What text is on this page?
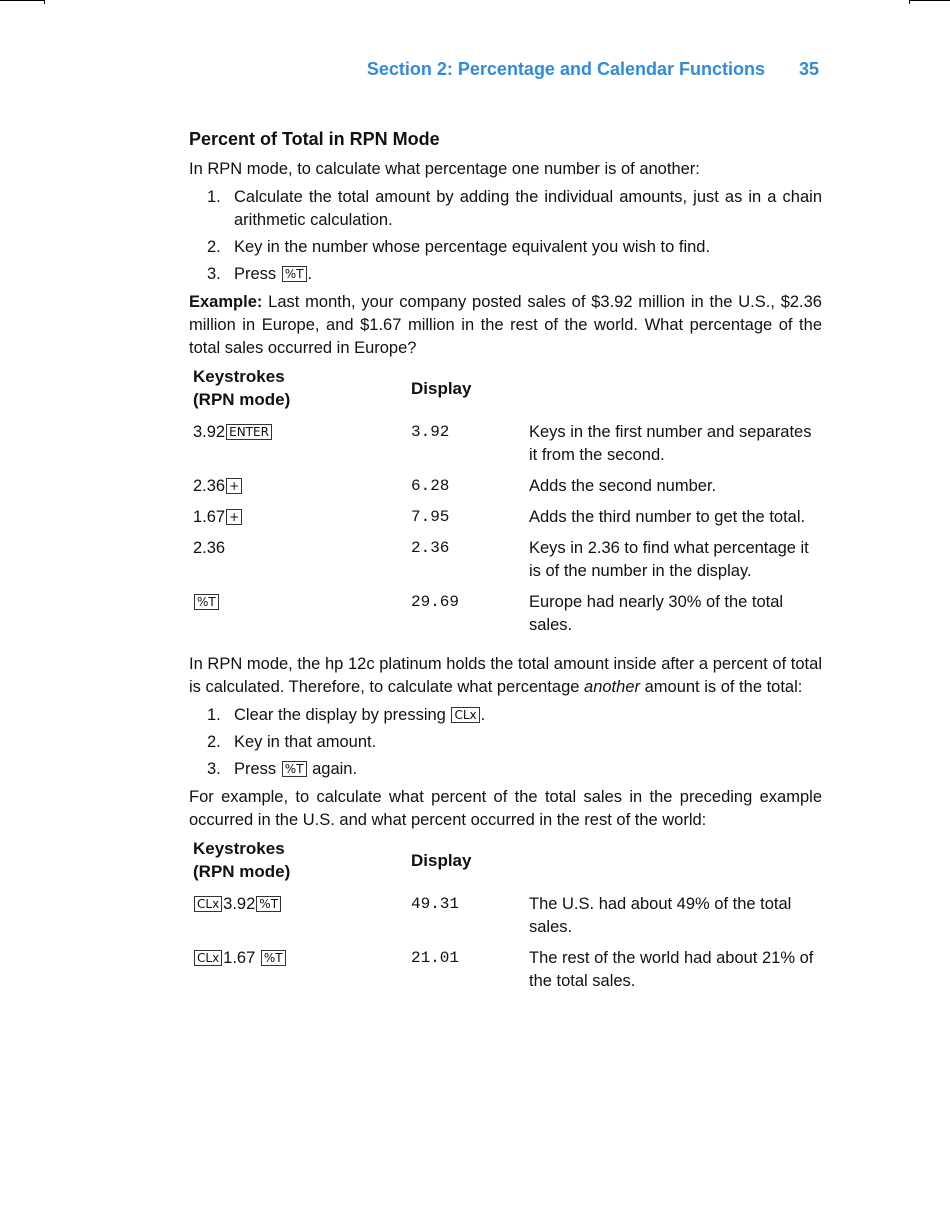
Section 2: Percentage and Calendar Functions 35
Percent of Total in RPN Mode

In RPN mode, to calculate what percentage one number is of another:

1. Calculate the total amount by adding the individual amounts, just as in a chain arithmetic calculation.
2. Key in the number whose percentage equivalent you wish to find.
3. Press %T .

Example: Last month, your company posted sales of $3.92 million in the U.S., $2.36 million in Europe, and $1.67 million in the rest of the world. What percentage of the total sales occurred in Europe?

Keystrokes
(RPN mode)	Display	
3.92 ENTER	3.92	Keys in the first number and separates it from the second.
2.36 +	6.28	Adds the second number.
1.67 +	7.95	Adds the third number to get the total.
2.36	2.36	Keys in 2.36 to find what percentage it is of the number in the display.
%T	29.69	Europe had nearly 30% of the total sales.

In RPN mode, the hp 12c platinum holds the total amount inside after a percent of total is calculated. Therefore, to calculate what percentage another amount is of the total:

1. Clear the display by pressing CLx .
2. Key in that amount.
3. Press %T again.

For example, to calculate what percent of the total sales in the preceding example occurred in the U.S. and what percent occurred in the rest of the world:

Keystrokes
(RPN mode)	Display	
CLx 3.92 %T	49.31	The U.S. had about 49% of the total sales.
CLx 1.67 %T	21.01	The rest of the world had about 21% of the total sales.
